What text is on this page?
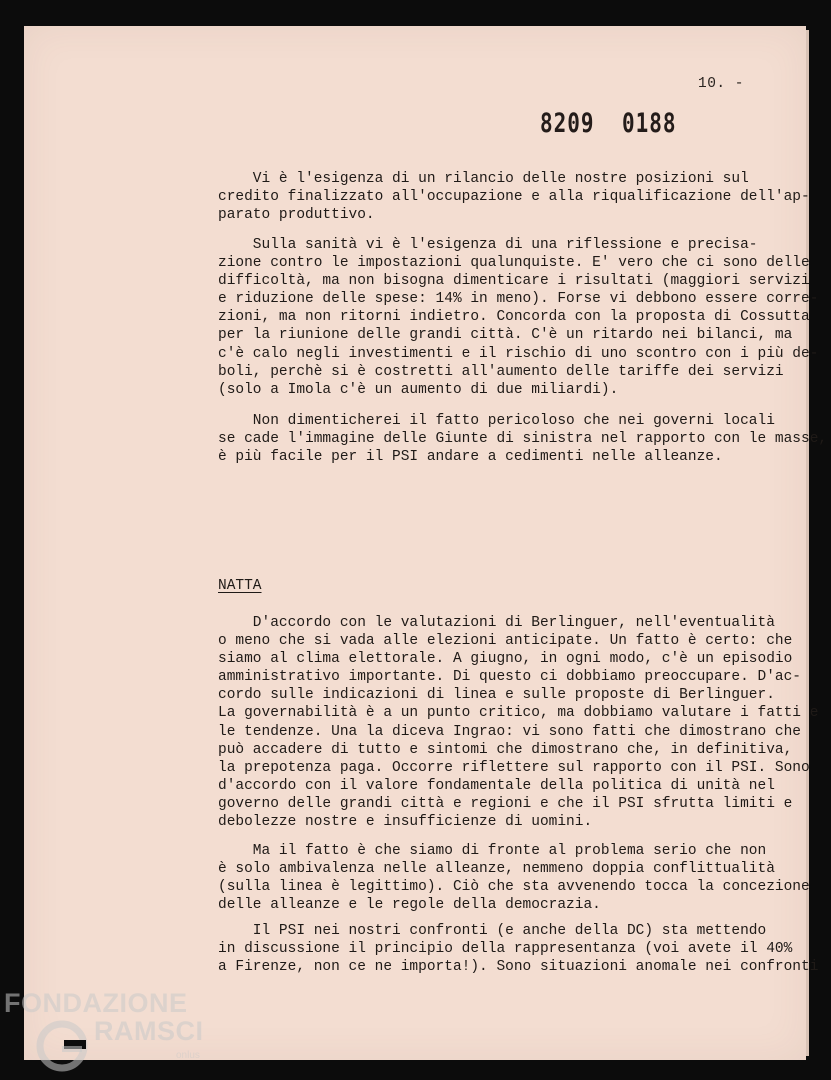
10. -
8209 0188
Vi è l'esigenza di un rilancio delle nostre posizioni sul
credito finalizzato all'occupazione e alla riqualificazione dell'ap-
parato produttivo.
Sulla sanità vi è l'esigenza di una riflessione e precisa-
zione contro le impostazioni qualunquiste. E' vero che ci sono delle
difficoltà, ma non bisogna dimenticare i risultati (maggiori servizi
e riduzione delle spese: 14% in meno). Forse vi debbono essere corre-
zioni, ma non ritorni indietro. Concorda con la proposta di Cossutta
per la riunione delle grandi città. C'è un ritardo nei bilanci, ma
c'è calo negli investimenti e il rischio di uno scontro con i più de-
boli, perchè si è costretti all'aumento delle tariffe dei servizi
(solo a Imola c'è un aumento di due miliardi).
Non dimenticherei il fatto pericoloso che nei governi locali
se cade l'immagine delle Giunte di sinistra nel rapporto con le masse,
è più facile per il PSI andare a cedimenti nelle alleanze.
NATTA
D'accordo con le valutazioni di Berlinguer, nell'eventualità
o meno che si vada alle elezioni anticipate. Un fatto è certo: che
siamo al clima elettorale. A giugno, in ogni modo, c'è un episodio
amministrativo importante. Di questo ci dobbiamo preoccupare. D'ac-
cordo sulle indicazioni di linea e sulle proposte di Berlinguer.
La governabilità è a un punto critico, ma dobbiamo valutare i fatti e
le tendenze. Una la diceva Ingrao: vi sono fatti che dimostrano che
può accadere di tutto e sintomi che dimostrano che, in definitiva,
la prepotenza paga. Occorre riflettere sul rapporto con il PSI. Sono
d'accordo con il valore fondamentale della politica di unità nel
governo delle grandi città e regioni e che il PSI sfrutta limiti e
debolezze nostre e insufficienze di uomini.
Ma il fatto è che siamo di fronte al problema serio che non
è solo ambivalenza nelle alleanze, nemmeno doppia conflittualità
(sulla linea è legittimo). Ciò che sta avvenendo tocca la concezione
delle alleanze e le regole della democrazia.
Il PSI nei nostri confronti (e anche della DC) sta mettendo
in discussione il principio della rappresentanza (voi avete il 40%
a Firenze, non ce ne importa!). Sono situazioni anomale nei confronti
FONDAZIONE
RAMSCI
onlus
